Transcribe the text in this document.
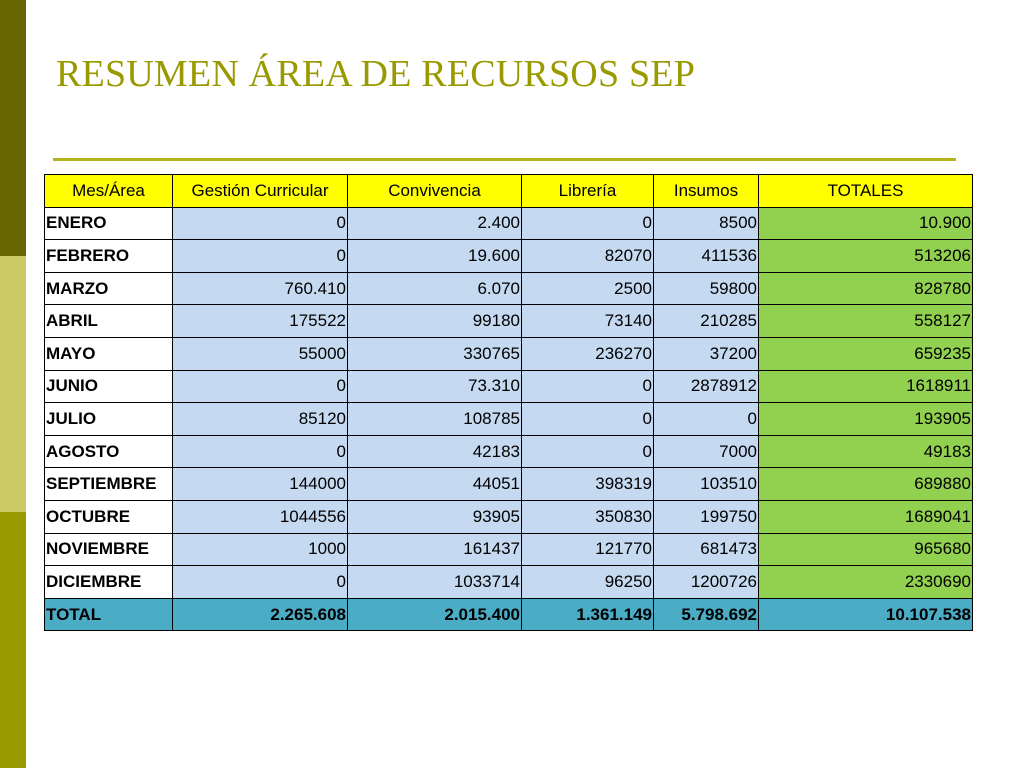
RESUMEN ÁREA DE RECURSOS SEP
Mes/Área	Gestión Curricular	Convivencia	Librería	Insumos	TOTALES
ENERO	0	2.400	0	8500	10.900
FEBRERO	0	19.600	82070	411536	513206
MARZO	760.410	6.070	2500	59800	828780
ABRIL	175522	99180	73140	210285	558127
MAYO	55000	330765	236270	37200	659235
JUNIO	0	73.310	0	2878912	1618911
JULIO	85120	108785	0	0	193905
AGOSTO	0	42183	0	7000	49183
SEPTIEMBRE	144000	44051	398319	103510	689880
OCTUBRE	1044556	93905	350830	199750	1689041
NOVIEMBRE	1000	161437	121770	681473	965680
DICIEMBRE	0	1033714	96250	1200726	2330690
TOTAL	2.265.608	2.015.400	1.361.149	5.798.692	10.107.538
